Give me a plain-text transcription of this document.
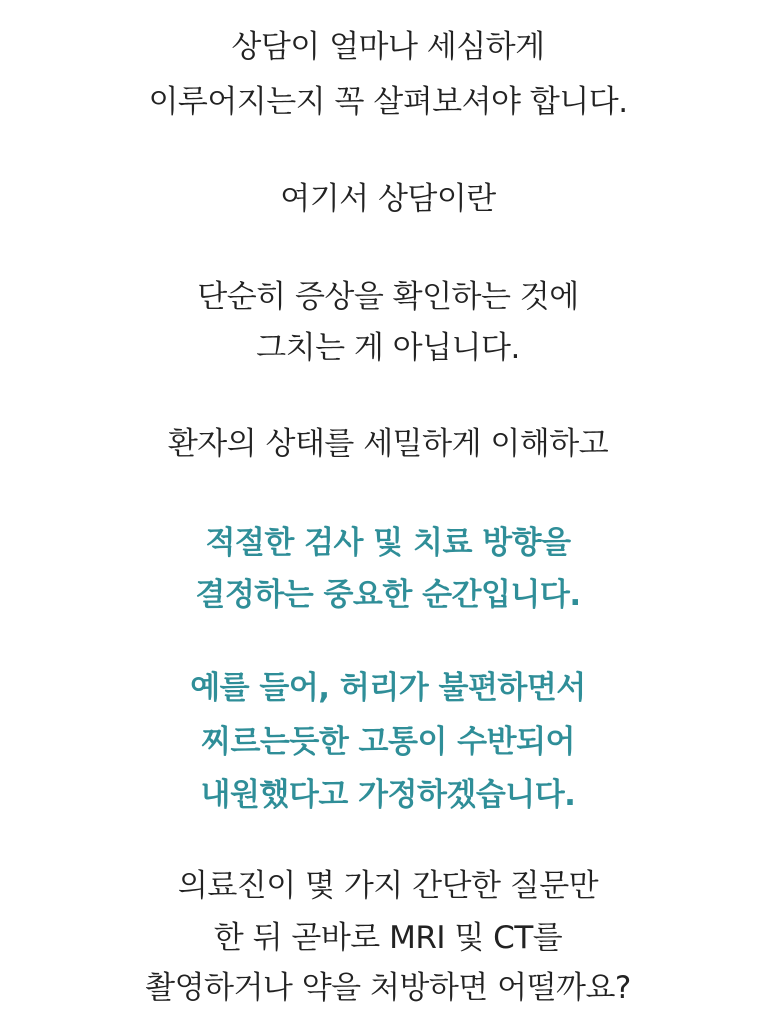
상담이 얼마나 세심하게
이루어지는지 꼭 살펴보셔야 합니다.
여기서 상담이란
단순히 증상을 확인하는 것에
그치는 게 아닙니다.
환자의 상태를 세밀하게 이해하고
적절한 검사 및 치료 방향을
결정하는 중요한 순간입니다.
예를 들어, 허리가 불편하면서
찌르는듯한 고통이 수반되어
내원했다고 가정하겠습니다.
의료진이 몇 가지 간단한 질문만
한 뒤 곧바로 MRI 및 CT를
촬영하거나 약을 처방하면 어떨까요?
